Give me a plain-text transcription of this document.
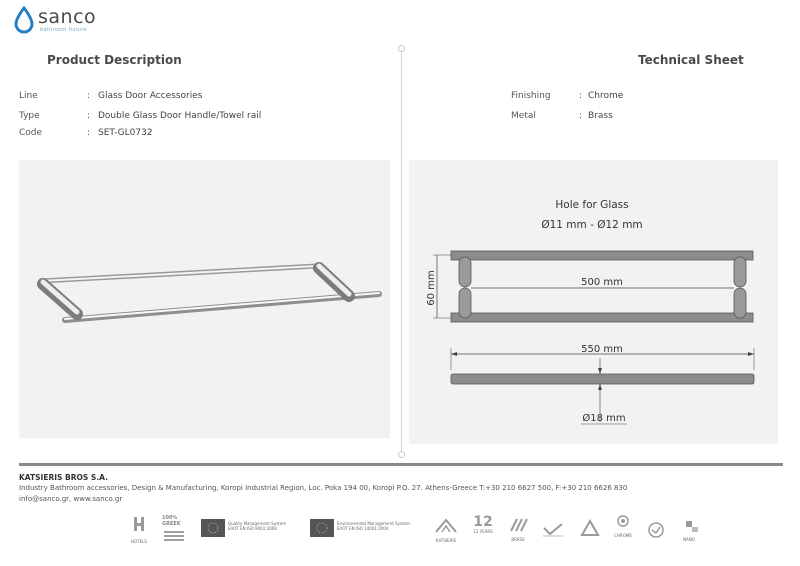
sanco
bathroom fixture
Product Description	Technical Sheet
Line	: Glass Door Accessories
Type	: Double Glass Door Handle/Towel rail
Code	: SET-GL0732
Finishing	: Chrome
Metal	: Brass
Hole for Glass
Ø11 mm - Ø12 mm
500 mm
60 mm
550 mm
Ø18 mm
KATSIERIS BROS S.A.
Industry Bathroom accessories, Design & Manufacturing, Koropi Industrial Region, Loc. Poka 194 00, Koropi P.O. 27. Athens-Greece T:+30 210 6627 500, F:+30 210 6626 830
info@sanco.gr, www.sanco.gr
HOTELS
100% GREEK	Quality Management System ΕΛΟΤ EN ISO 9001:2008
Environmental Management System ΕΛΟΤ EN ISO 14001:2004
KATSIERIS
12
12 YEARS
BRASS
CHROME
NANO
